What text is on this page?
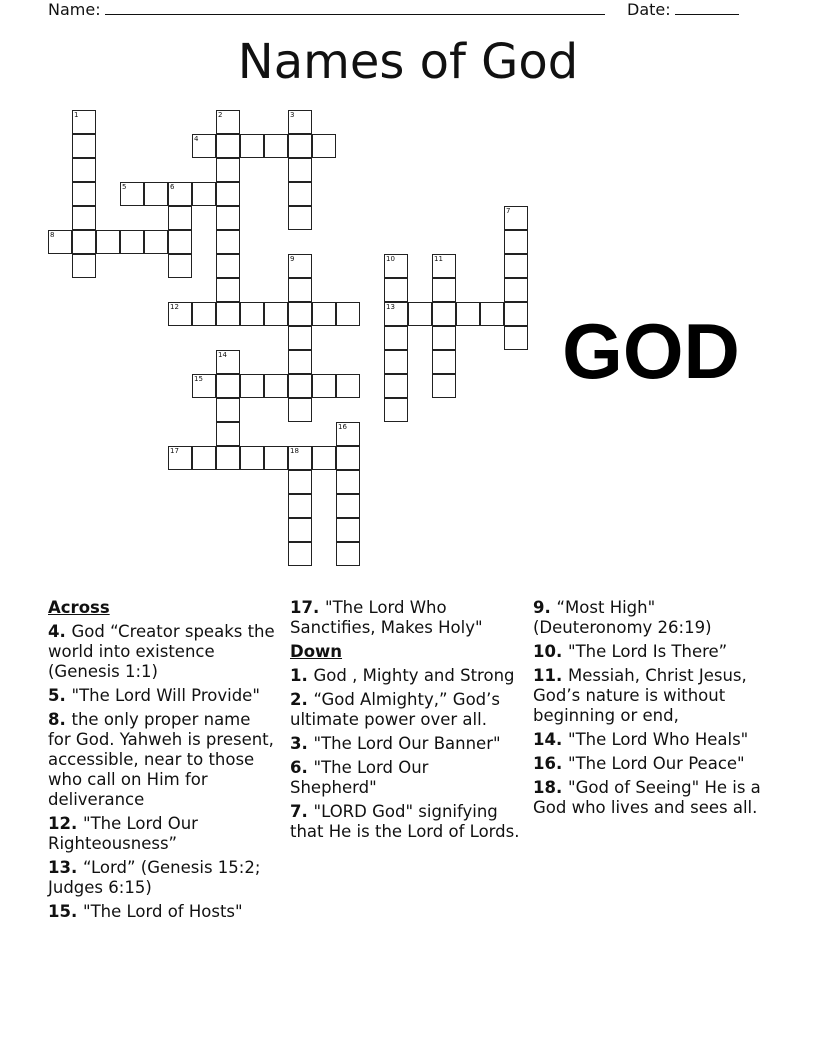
Name:	Date:
Names of God
1	2	3
4
5	6
7
8
9	10
13
11
12
14
15
16
17	18
GOD
Across
4. God “Creator speaks the world into existence (Genesis 1:1)
5. "The Lord Will Provide"
8. the only proper name for God. Yahweh is present, accessible, near to those who call on Him for deliverance
12. "The Lord Our Righteousness”
13. “Lord” (Genesis 15:2; Judges 6:15)
15. "The Lord of Hosts"
17. "The Lord Who Sanctifies, Makes Holy"
Down
1. God , Mighty and Strong
2. “God Almighty,” God’s ultimate power over all.
3. "The Lord Our Banner"
6. "The Lord Our Shepherd"
7. "LORD God" signifying that He is the Lord of Lords.
9. “Most High" (Deuteronomy 26:19)
10. "The Lord Is There”
11. Messiah, Christ Jesus, God’s nature is without beginning or end,
14. "The Lord Who Heals"
16. "The Lord Our Peace"
18. "God of Seeing" He is a God who lives and sees all.
